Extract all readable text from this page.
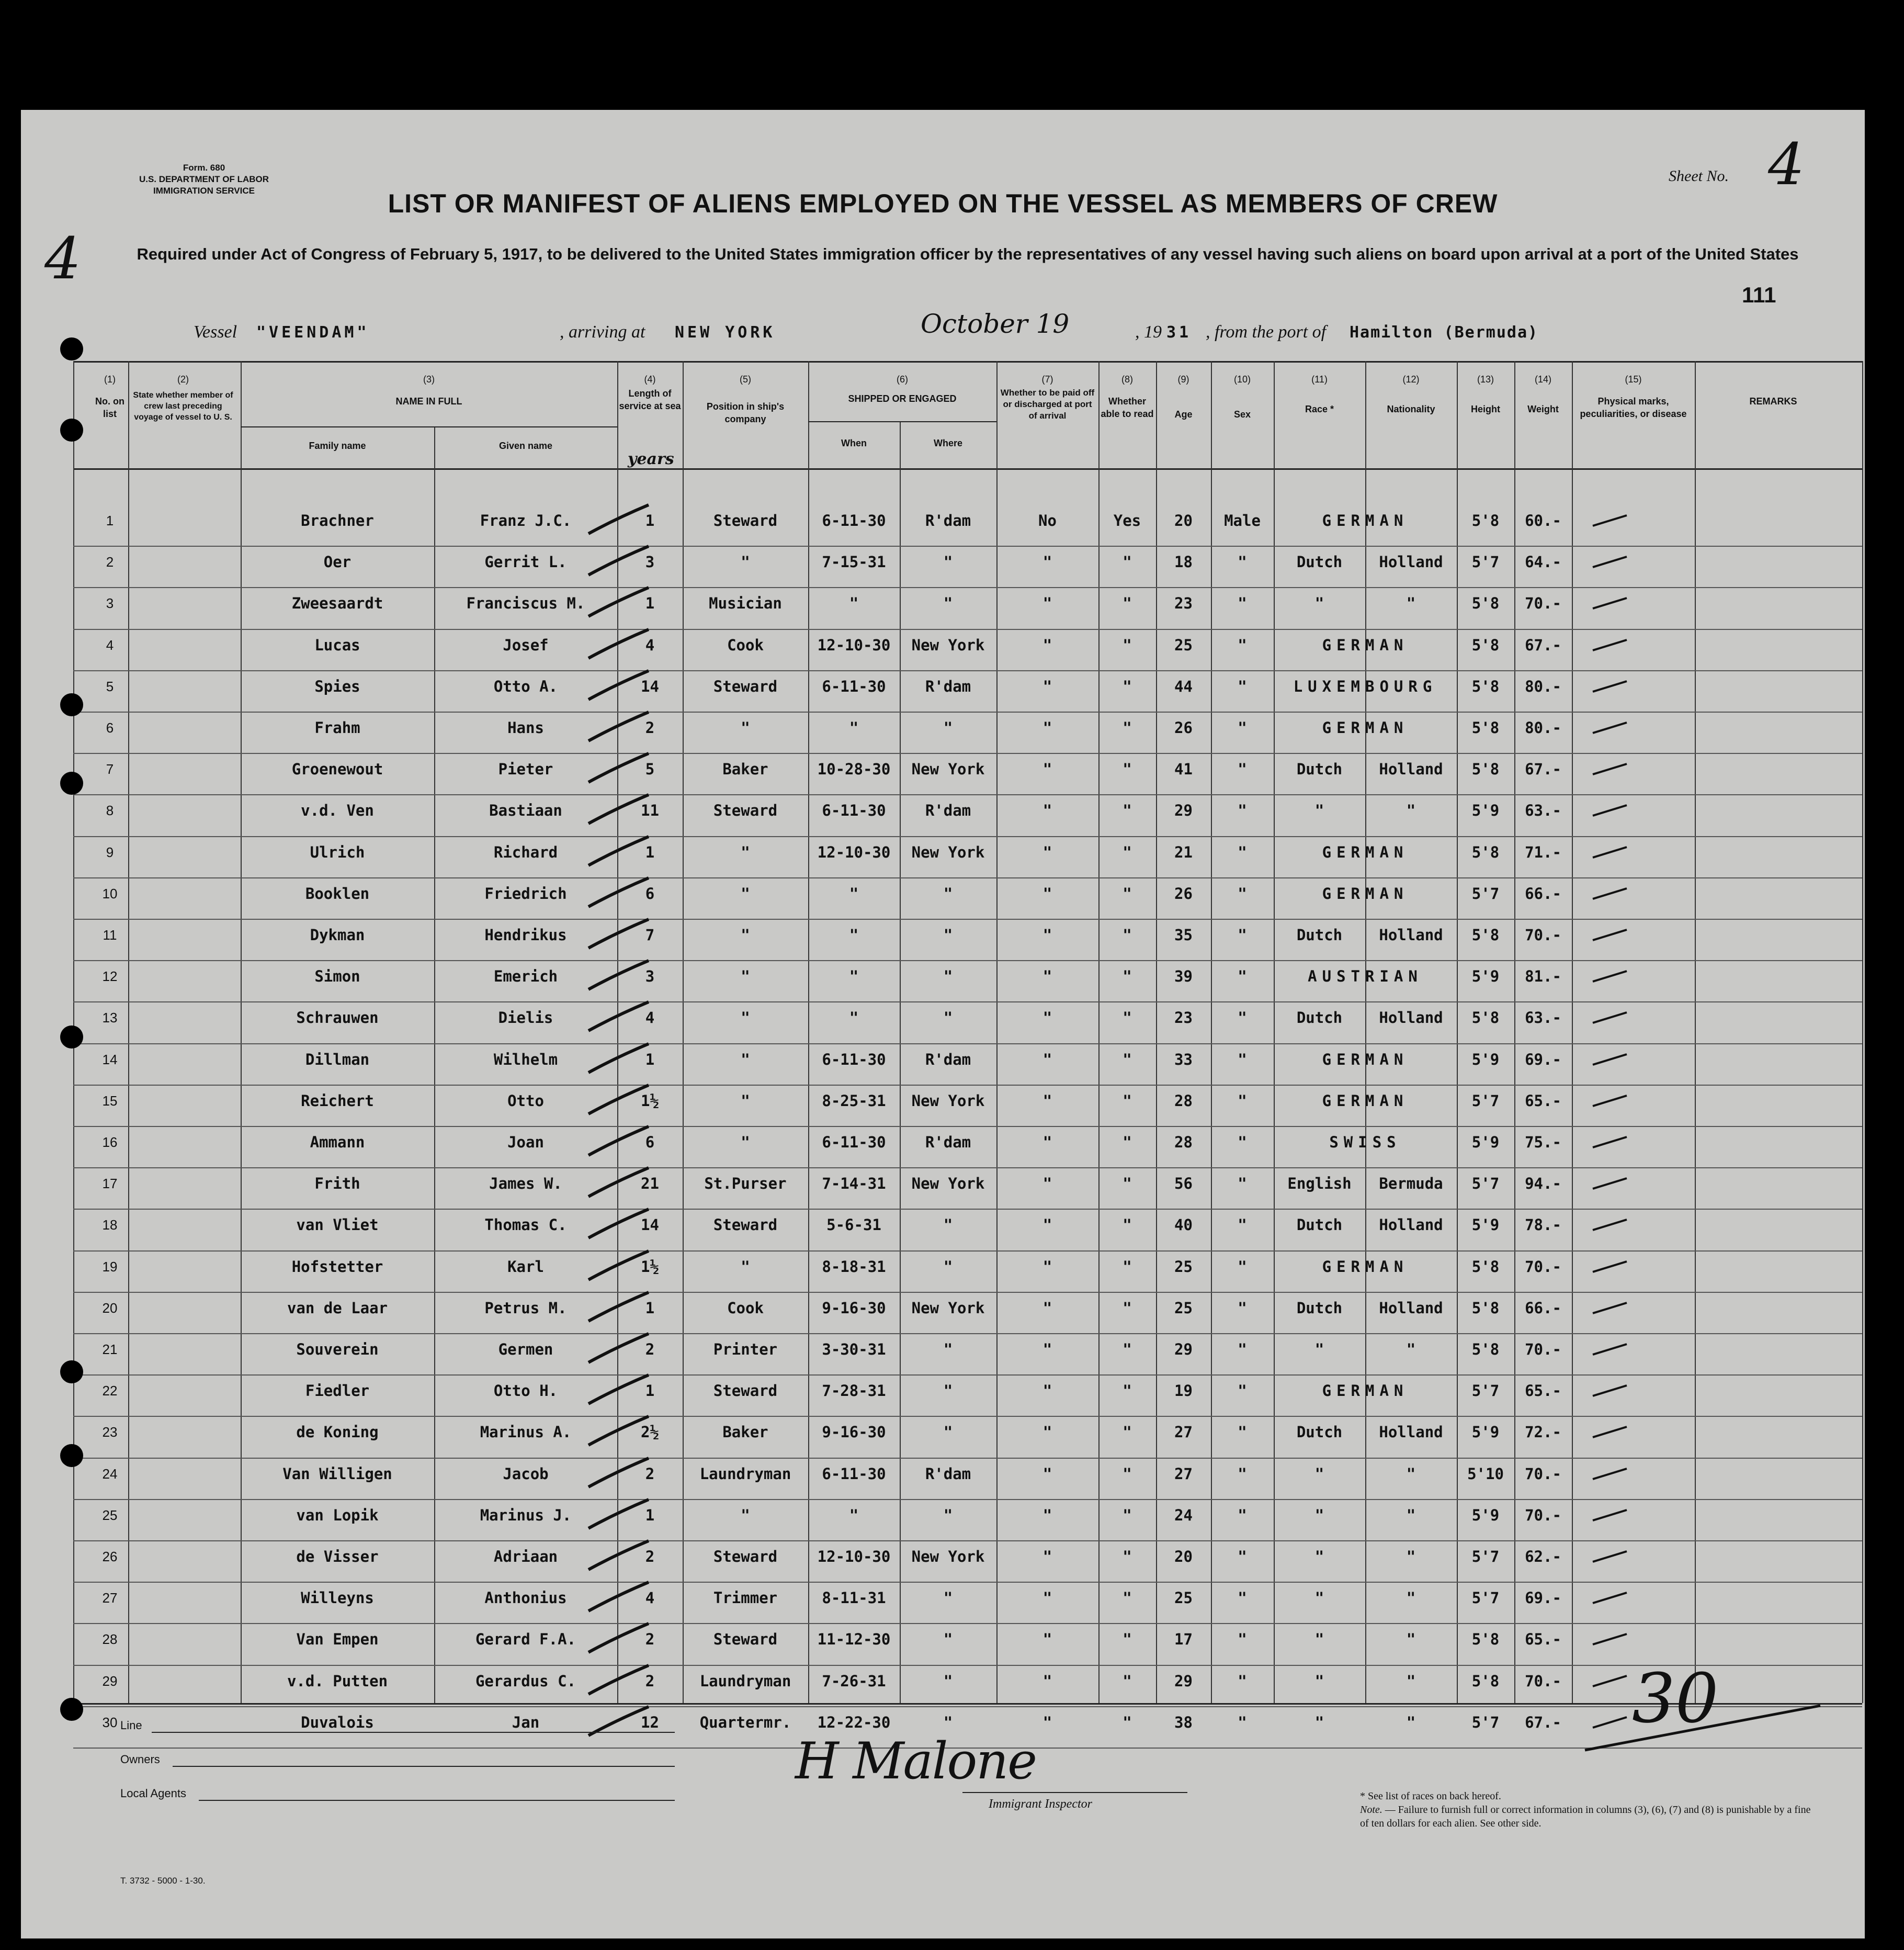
Form. 680
U.S. DEPARTMENT OF LABOR
IMMIGRATION SERVICE
Sheet No. 4
4
LIST OR MANIFEST OF ALIENS EMPLOYED ON THE VESSEL AS MEMBERS OF CREW
Required under Act of Congress of February 5, 1917, to be delivered to the United States immigration officer by the representatives of any vessel having such aliens on board upon arrival at a port of the United States
111
Vessel "VEENDAM"	, arriving at NEW YORK	October 19	, 19 31 , from the port of Hamilton (Bermuda)
(1)
No. on list
(2)
State whether member of crew last preceding voyage of vessel to U. S.
(3)
NAME IN FULL
Family name	Given name
(4)
Length of service at sea
years
(5)
Position in ship's company
(6)
SHIPPED OR ENGAGED
When	Where
(7)
Whether to be paid off or discharged at port of arrival
(8)
Whether able to read
(9)
Age
(10)
Sex
(11)
Race *
(12)
Nationality
(13)
Height
(14)
Weight
(15)
Physical marks, peculiarities, or disease
REMARKS
1	Brachner	Franz J.C.	1	Steward	6-11-30	R'dam	No	Yes	20	Male	GERMAN	5'8	60.-
2	Oer	Gerrit L.	3	"	7-15-31	"	"	"	18	"	Dutch	Holland	5'7	64.-
3	Zweesaardt	Franciscus M.	1	Musician	"	"	"	"	23	"	"	"	5'8	70.-
4	Lucas	Josef	4	Cook	12-10-30	New York	"	"	25	"	GERMAN	5'8	67.-
5	Spies	Otto A.	14	Steward	6-11-30	R'dam	"	"	44	"	LUXEMBOURG	5'8	80.-
6	Frahm	Hans	2	"	"	"	"	"	26	"	GERMAN	5'8	80.-
7	Groenewout	Pieter	5	Baker	10-28-30	New York	"	"	41	"	Dutch	Holland	5'8	67.-
8	v.d. Ven	Bastiaan	11	Steward	6-11-30	R'dam	"	"	29	"	"	"	5'9	63.-
9	Ulrich	Richard	1	"	12-10-30	New York	"	"	21	"	GERMAN	5'8	71.-
10	Booklen	Friedrich	6	"	"	"	"	"	26	"	GERMAN	5'7	66.-
11	Dykman	Hendrikus	7	"	"	"	"	"	35	"	Dutch	Holland	5'8	70.-
12	Simon	Emerich	3	"	"	"	"	"	39	"	AUSTRIAN	5'9	81.-
13	Schrauwen	Dielis	4	"	"	"	"	"	23	"	Dutch	Holland	5'8	63.-
14	Dillman	Wilhelm	1	"	6-11-30	R'dam	"	"	33	"	GERMAN	5'9	69.-
15	Reichert	Otto	1½	"	8-25-31	New York	"	"	28	"	GERMAN	5'7	65.-
16	Ammann	Joan	6	"	6-11-30	R'dam	"	"	28	"	SWISS	5'9	75.-
17	Frith	James W.	21	St.Purser	7-14-31	New York	"	"	56	"	English	Bermuda	5'7	94.-
18	van Vliet	Thomas C.	14	Steward	5-6-31	"	"	"	40	"	Dutch	Holland	5'9	78.-
19	Hofstetter	Karl	1½	"	8-18-31	"	"	"	25	"	GERMAN	5'8	70.-
20	van de Laar	Petrus M.	1	Cook	9-16-30	New York	"	"	25	"	Dutch	Holland	5'8	66.-
21	Souverein	Germen	2	Printer	3-30-31	"	"	"	29	"	"	"	5'8	70.-
22	Fiedler	Otto H.	1	Steward	7-28-31	"	"	"	19	"	GERMAN	5'7	65.-
23	de Koning	Marinus A.	2½	Baker	9-16-30	"	"	"	27	"	Dutch	Holland	5'9	72.-
24	Van Willigen	Jacob	2	Laundryman	6-11-30	R'dam	"	"	27	"	"	"	5'10	70.-
25	van Lopik	Marinus J.	1	"	"	"	"	"	24	"	"	"	5'9	70.-
26	de Visser	Adriaan	2	Steward	12-10-30	New York	"	"	20	"	"	"	5'7	62.-
27	Willeyns	Anthonius	4	Trimmer	8-11-31	"	"	"	25	"	"	"	5'7	69.-
28	Van Empen	Gerard F.A.	2	Steward	11-12-30	"	"	"	17	"	"	"	5'8	65.-
29	v.d. Putten	Gerardus C.	2	Laundryman	7-26-31	"	"	"	29	"	"	"	5'8	70.-
30	Duvalois	Jan	12	Quartermr.	12-22-30	"	"	"	38	"	"	"	5'7	67.- 30
Line
Owners
Local Agents
H Malone
Immigrant Inspector
T. 3732 - 5000 - 1-30.
* See list of races on back hereof.
Note. — Failure to furnish full or correct information in columns (3), (6), (7) and (8) is punishable by a fine of ten dollars for each alien. See other side.
